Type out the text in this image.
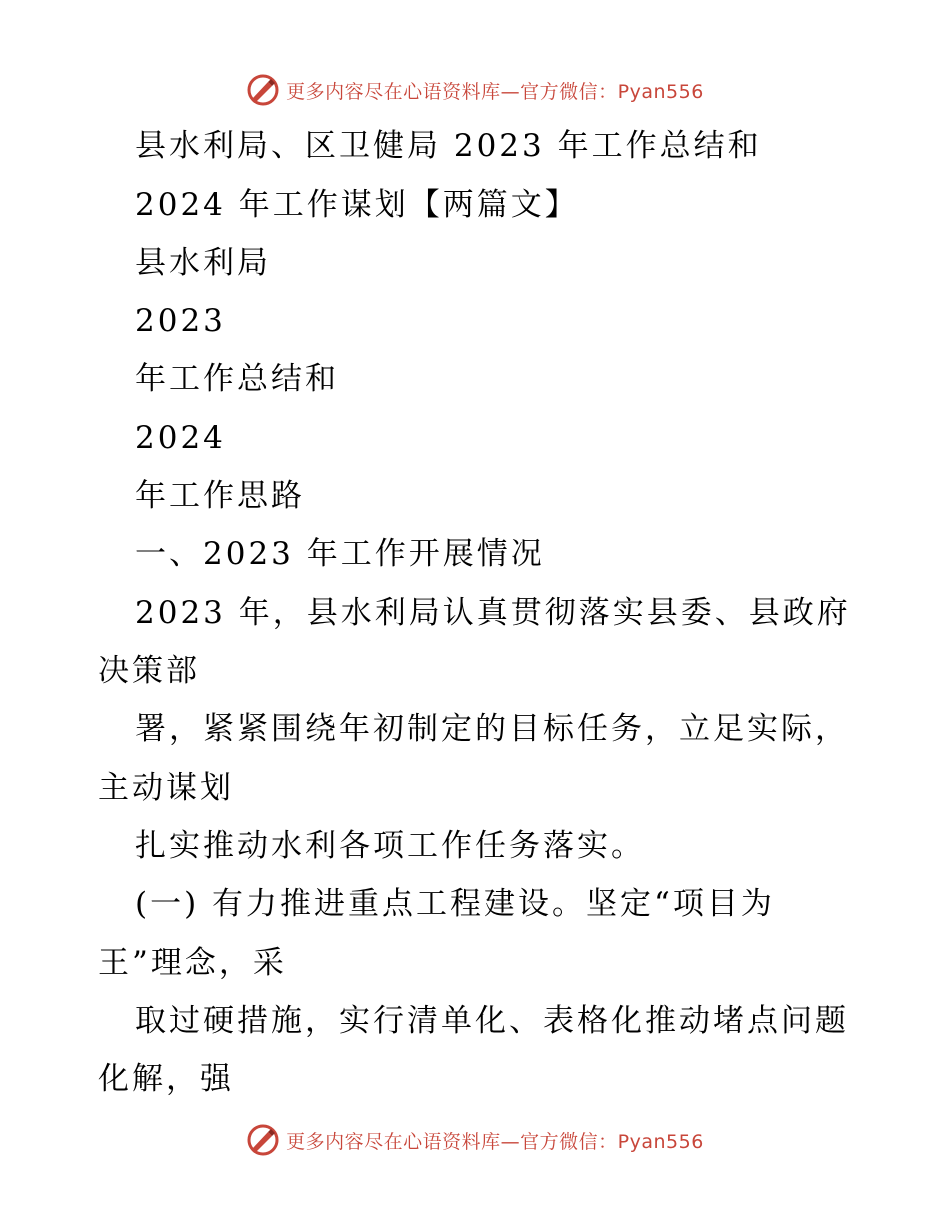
更多内容尽在心语资料库—官方微信：Pyan556
县水利局、区卫健局 2023 年工作总结和
2024 年工作谋划【两篇文】
县水利局
2023
年工作总结和
2024
年工作思路
一、2023 年工作开展情况
2023 年，县水利局认真贯彻落实县委、县政府
决策部
署，紧紧围绕年初制定的目标任务，立足实际，
主动谋划
扎实推动水利各项工作任务落实。
(一) 有力推进重点工程建设。坚定“项目为
王”理念，采
取过硬措施，实行清单化、表格化推动堵点问题
化解，强
更多内容尽在心语资料库—官方微信：Pyan556
